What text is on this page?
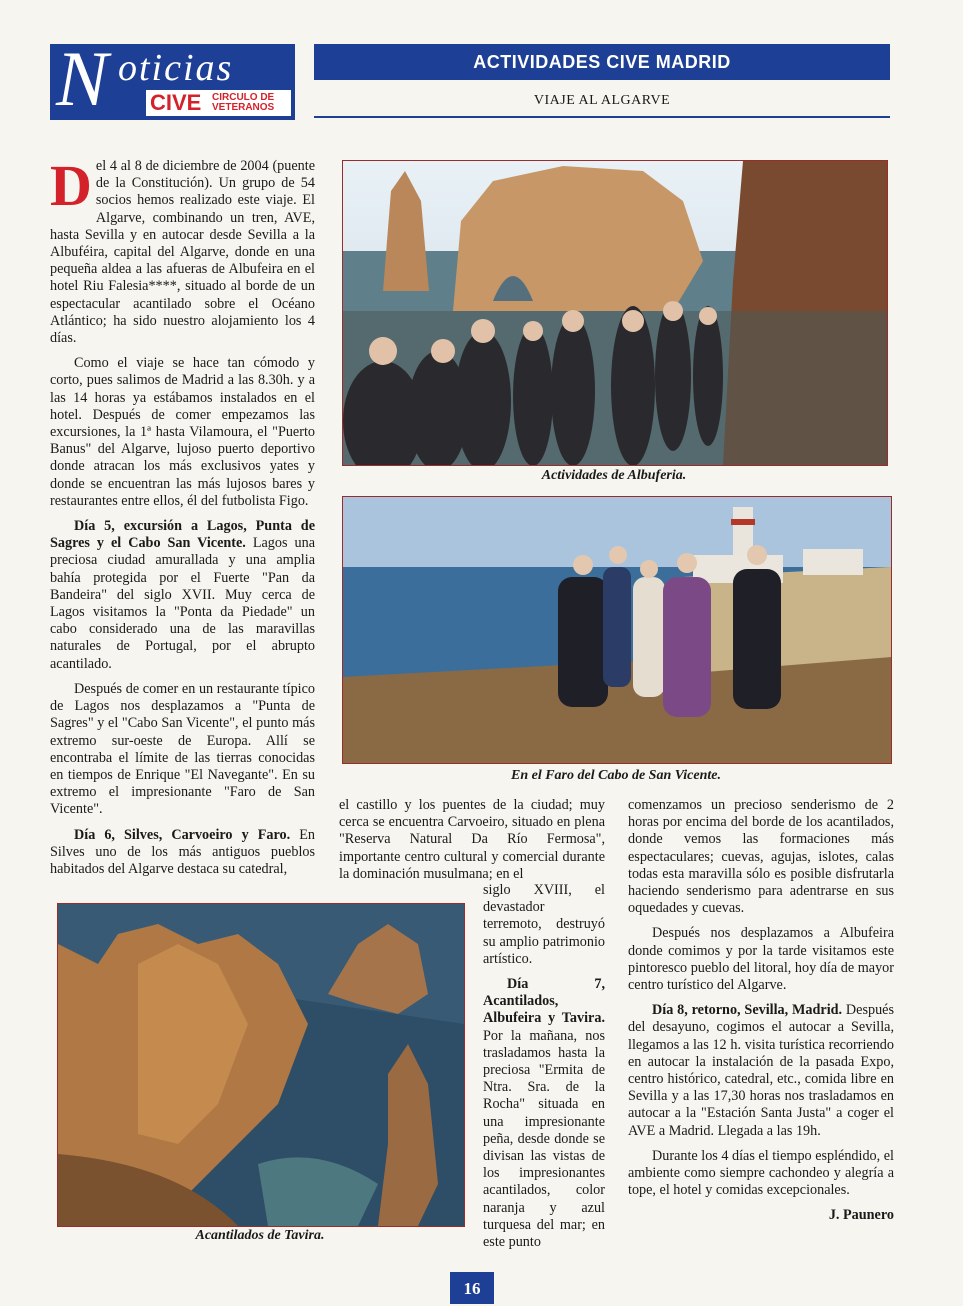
N oticias
CIVE CIRCULO DE
VETERANOS
ACTIVIDADES CIVE MADRID
VIAJE AL ALGARVE

Del 4 al 8 de diciembre de 2004 (puente de la Constitución). Un grupo de 54 socios hemos realizado este viaje. El Algarve, combinando un tren, AVE, hasta Sevilla y en autocar desde Sevilla a la Albuféira, capital del Algarve, donde en una pequeña aldea a las afueras de Albufeira en el hotel Riu Falesia****, situado al borde de un espectacular acantilado sobre el Océano Atlántico; ha sido nuestro alojamiento los 4 días.

Como el viaje se hace tan cómodo y corto, pues salimos de Madrid a las 8.30h. y a las 14 horas ya estábamos instalados en el hotel. Después de comer empezamos las excursiones, la 1ª hasta Vilamoura, el "Puerto Banus" del Algarve, lujoso puerto deportivo donde atracan los más exclusivos yates y donde se encuentran las más lujosos bares y restaurantes entre ellos, él del futbolista Figo.

Día 5, excursión a Lagos, Punta de Sagres y el Cabo San Vicente. Lagos una preciosa ciudad amurallada y una amplia bahía protegida por el Fuerte "Pan da Bandeira" del siglo XVII. Muy cerca de Lagos visitamos la "Ponta da Piedade" un cabo considerado una de las maravillas naturales de Portugal, por el abrupto acantilado.

Después de comer en un restaurante típico de Lagos nos desplazamos a "Punta de Sagres" y el "Cabo San Vicente", el punto más extremo sur-oeste de Europa. Allí se encontraba el límite de las tierras conocidas en tiempos de Enrique "El Navegante". En su extremo el impresionante "Faro de San Vicente".

Día 6, Silves, Carvoeiro y Faro. En Silves uno de los más antiguos pueblos habitados del Algarve destaca su catedral,

Actividades de Albuferia.
En el Faro del Cabo de San Vicente.

el castillo y los puentes de la ciudad; muy cerca se encuentra Carvoeiro, situado en plena "Reserva Natural Da Río Fermosa", importante centro cultural y comercial durante la dominación musulmana; en el

siglo XVIII, el devastador terremoto, destruyó su amplio patrimonio artístico.

Día 7, Acantilados, Albufeira y Tavira. Por la mañana, nos trasladamos hasta la preciosa "Ermita de Ntra. Sra. de la Rocha" situada en una impresionante peña, desde donde se divisan las vistas de los impresionantes acantilados, color naranja y azul turquesa del mar; en este punto

comenzamos un precioso senderismo de 2 horas por encima del borde de los acantilados, donde vemos las formaciones más espectaculares; cuevas, agujas, islotes, calas todas esta maravilla sólo es posible disfrutarla haciendo senderismo para adentrarse en sus oquedades y cuevas.

Después nos desplazamos a Albufeira donde comimos y por la tarde visitamos este pintoresco pueblo del litoral, hoy día de mayor centro turístico del Algarve.

Día 8, retorno, Sevilla, Madrid. Después del desayuno, cogimos el autocar a Sevilla, llegamos a las 12 h. visita turística recorriendo en autocar la instalación de la pasada Expo, centro histórico, catedral, etc., comida libre en Sevilla y a las 17,30 horas nos trasladamos en autocar a la "Estación Santa Justa" a coger el AVE a Madrid. Llegada a las 19h.

Durante los 4 días el tiempo espléndido, el ambiente como siempre cachondeo y alegría a tope, el hotel y comidas excepcionales.

J. Paunero
Acantilados de Tavira.
16
